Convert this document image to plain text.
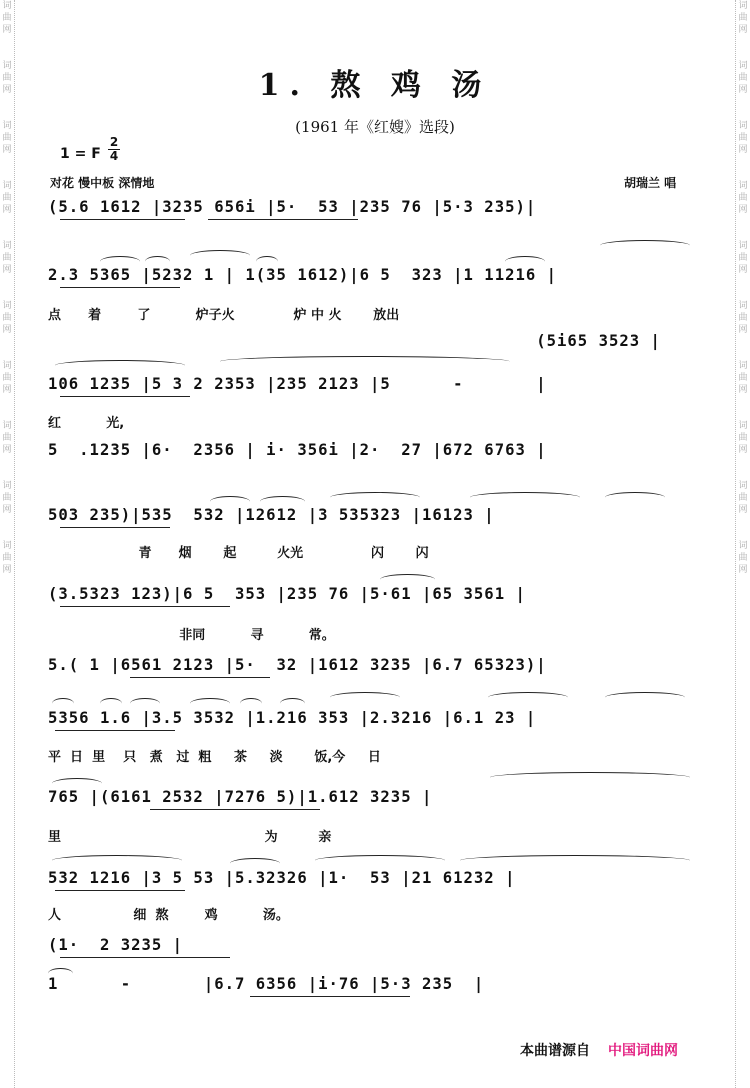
词
曲
网
词
曲
网
词
曲
网
词
曲
网
词
曲
网
词
曲
网
词
曲
网
词
曲
网
词
曲
网
词
曲
网
词
曲
网
词
曲
网
词
曲
网
词
曲
网
词
曲
网
词
曲
网
词
曲
网
词
曲
网
词
曲
网
词
曲
网
1. 熬 鸡 汤
(1961 年《红嫂》选段)
1 = F
2
4
对花 慢中板 深情地	胡瑞兰 唱
(5.6 1612 |3235 656i |5·  53 |235 76 |5·3 235)|
2.3 5365 |5232 1 | 1(35 1612)|6 5  323 |1 11216 |
点      着        了          炉子火             炉 中 火       放出
(5i65 3523 |
106 1235 |5 3 2 2353 |235 2123 |5      -       |
红          光,
5  .1235 |6·  2356 | i· 356i |2·  27 |672 6763 |
503 235)|535  532 |12612 |3 535323 |16123 |
青      烟       起         火光               闪       闪
(3.5323 123)|6 5  353 |235 76 |5·61 |65 3561 |
非同          寻          常。
5.( 1 |6561 2123 |5·  32 |1612 3235 |6.7 65323)|
5356 1.6 |3.5 3532 |1.216 353 |2.3216 |6.1 23 |
平  日  里    只   煮   过  粗     茶     淡       饭,今     日
765 |(6161 2532 |7276 5)|1.612 3235 |
里                                             为         亲
532 1216 |3 5 53 |5.32326 |1·  53 |21 61232 |
人                细  熬        鸡          汤。
(1·  2 3235 |
1      -       |6.7 6356 |i·76 |5·3 235  |
本曲谱源自 中国词曲网
